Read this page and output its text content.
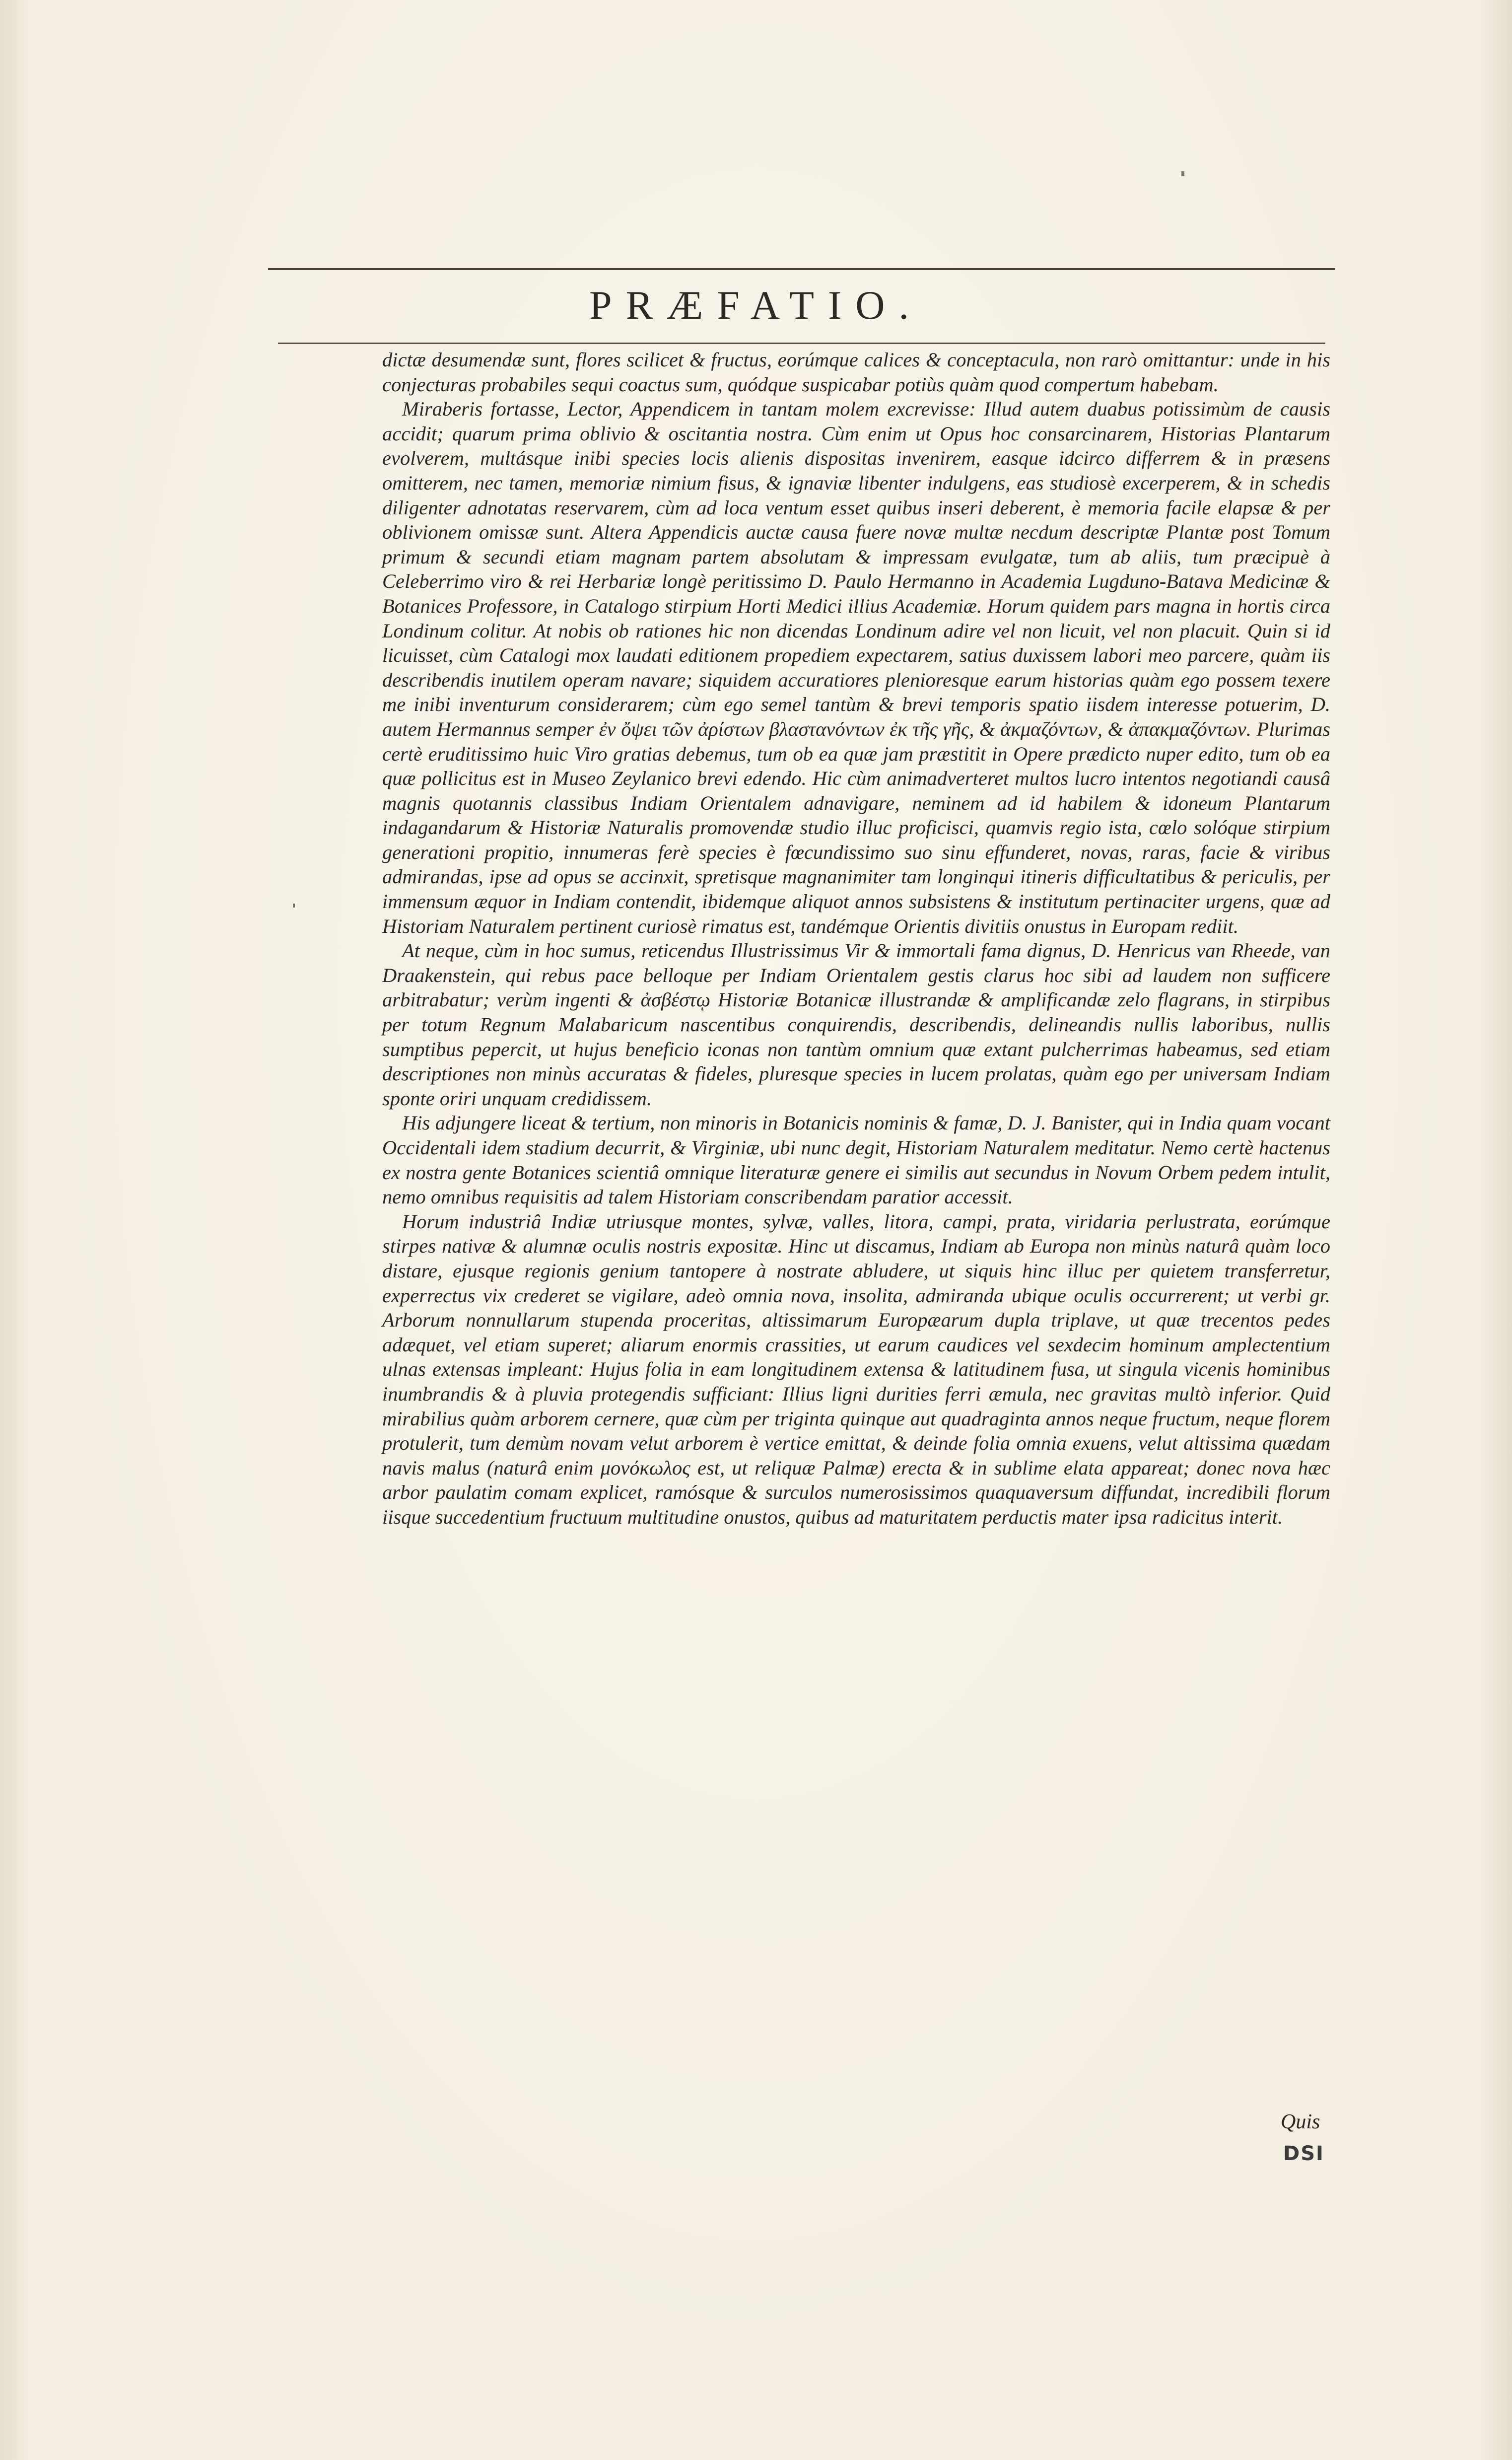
PRÆFATIO.

dictæ desumendæ sunt, flores scilicet & fructus, eorúmque calices & conceptacula, non rarò omittantur: unde in his conjecturas probabiles sequi coactus sum, quódque suspicabar potiùs quàm quod compertum habebam.

Miraberis fortasse, Lector, Appendicem in tantam molem excrevisse: Illud autem duabus potissimùm de causis accidit; quarum prima oblivio & oscitantia nostra. Cùm enim ut Opus hoc consarcinarem, Historias Plantarum evolverem, multásque inibi species locis alienis dispositas invenirem, easque idcirco differrem & in præsens omitterem, nec tamen, memoriæ nimium fisus, & ignaviæ libenter indulgens, eas studiosè excerperem, & in schedis diligenter adnotatas reservarem, cùm ad loca ventum esset quibus inseri deberent, è memoria facile elapsæ & per oblivionem omissæ sunt. Altera Appendicis auctæ causa fuere novæ multæ necdum descriptæ Plantæ post Tomum primum & secundi etiam magnam partem absolutam & impressam evulgatæ, tum ab aliis, tum præcipuè à Celeberrimo viro & rei Herbariæ longè peritissimo D. Paulo Hermanno in Academia Lugduno-Batava Medicinæ & Botanices Professore, in Catalogo stirpium Horti Medici illius Academiæ. Horum quidem pars magna in hortis circa Londinum colitur. At nobis ob rationes hic non dicendas Londinum adire vel non licuit, vel non placuit. Quin si id licuisset, cùm Catalogi mox laudati editionem propediem expectarem, satius duxissem labori meo parcere, quàm iis describendis inutilem operam navare; siquidem accuratiores plenioresque earum historias quàm ego possem texere me inibi inventurum considerarem; cùm ego semel tantùm & brevi temporis spatio iisdem interesse potuerim, D. autem Hermannus semper ἐν ὄψει τῶν ἀρίστων βλαστανόντων ἐκ τῆς γῆς, & ἀκμαζόντων, & ἀπακμαζόντων. Plurimas certè eruditissimo huic Viro gratias debemus, tum ob ea quæ jam præstitit in Opere prædicto nuper edito, tum ob ea quæ pollicitus est in Museo Zeylanico brevi edendo. Hic cùm animadverteret multos lucro intentos negotiandi causâ magnis quotannis classibus Indiam Orientalem adnavigare, neminem ad id habilem & idoneum Plantarum indagandarum & Historiæ Naturalis promovendæ studio illuc proficisci, quamvis regio ista, cœlo solóque stirpium generationi propitio, innumeras ferè species è fœcundissimo suo sinu effunderet, novas, raras, facie & viribus admirandas, ipse ad opus se accinxit, spretisque magnanimiter tam longinqui itineris difficultatibus & periculis, per immensum æquor in Indiam contendit, ibidemque aliquot annos subsistens & institutum pertinaciter urgens, quæ ad Historiam Naturalem pertinent curiosè rimatus est, tandémque Orientis divitiis onustus in Europam rediit.

At neque, cùm in hoc sumus, reticendus Illustrissimus Vir & immortali fama dignus, D. Henricus van Rheede, van Draakenstein, qui rebus pace belloque per Indiam Orientalem gestis clarus hoc sibi ad laudem non sufficere arbitrabatur; verùm ingenti & ἀσβέστῳ Historiæ Botanicæ illustrandæ & amplificandæ zelo flagrans, in stirpibus per totum Regnum Malabaricum nascentibus conquirendis, describendis, delineandis nullis laboribus, nullis sumptibus pepercit, ut hujus beneficio iconas non tantùm omnium quæ extant pulcherrimas habeamus, sed etiam descriptiones non minùs accuratas & fideles, pluresque species in lucem prolatas, quàm ego per universam Indiam sponte oriri unquam credidissem.

His adjungere liceat & tertium, non minoris in Botanicis nominis & famæ, D. J. Banister, qui in India quam vocant Occidentali idem stadium decurrit, & Virginiæ, ubi nunc degit, Historiam Naturalem meditatur. Nemo certè hactenus ex nostra gente Botanices scientiâ omnique literaturæ genere ei similis aut secundus in Novum Orbem pedem intulit, nemo omnibus requisitis ad talem Historiam conscribendam paratior accessit.

Horum industriâ Indiæ utriusque montes, sylvæ, valles, litora, campi, prata, viridaria perlustrata, eorúmque stirpes nativæ & alumnæ oculis nostris expositæ. Hinc ut discamus, Indiam ab Europa non minùs naturâ quàm loco distare, ejusque regionis genium tantopere à nostrate abludere, ut siquis hinc illuc per quietem transferretur, experrectus vix crederet se vigilare, adeò omnia nova, insolita, admiranda ubique oculis occurrerent; ut verbi gr. Arborum nonnullarum stupenda proceritas, altissimarum Europæarum dupla triplave, ut quæ trecentos pedes adæquet, vel etiam superet; aliarum enormis crassities, ut earum caudices vel sexdecim hominum amplectentium ulnas extensas impleant: Hujus folia in eam longitudinem extensa & latitudinem fusa, ut singula vicenis hominibus inumbrandis & à pluvia protegendis sufficiant: Illius ligni durities ferri æmula, nec gravitas multò inferior. Quid mirabilius quàm arborem cernere, quæ cùm per triginta quinque aut quadraginta annos neque fructum, neque florem protulerit, tum demùm novam velut arborem è vertice emittat, & deinde folia omnia exuens, velut altissima quædam navis malus (naturâ enim μονόκωλος est, ut reliquæ Palmæ) erecta & in sublime elata appareat; donec nova hæc arbor paulatim comam explicet, ramósque & surculos numerosissimos quaquaversum diffundat, incredibili florum iisque succedentium fructuum multitudine onustos, quibus ad maturitatem perductis mater ipsa radicitus interit.

Quis
DSI
